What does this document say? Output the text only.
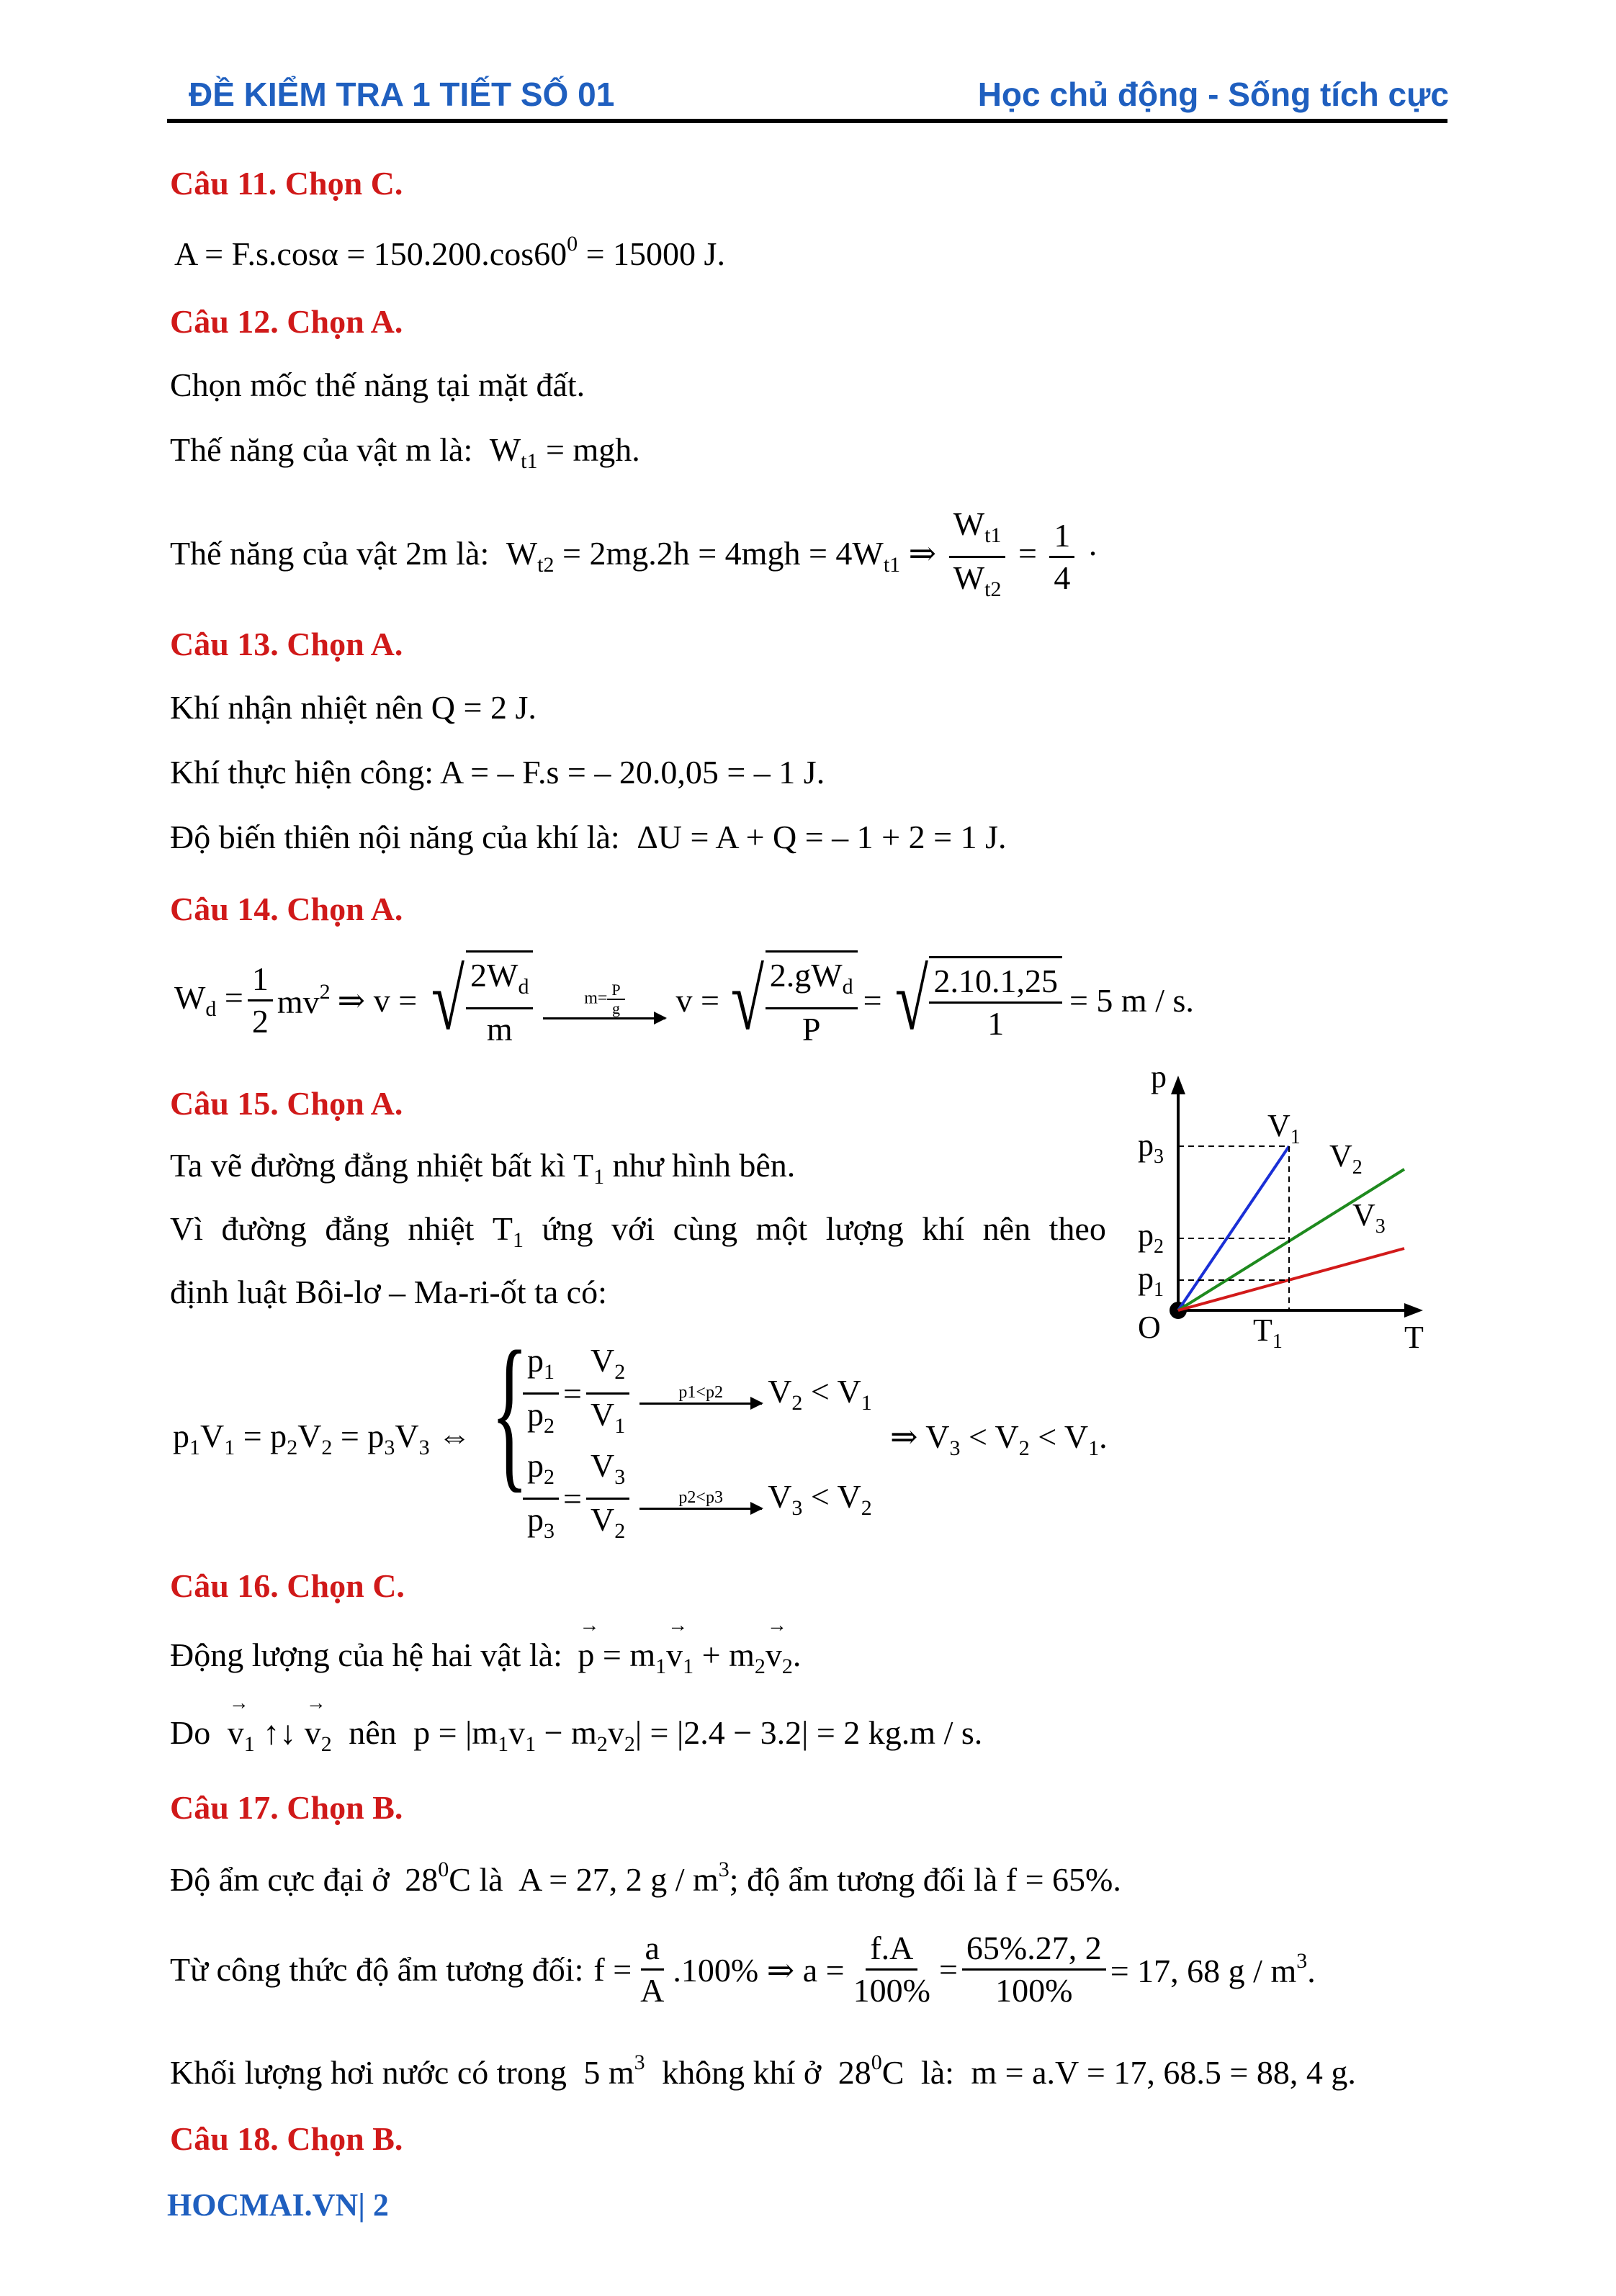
ĐỀ KIỂM TRA 1 TIẾT SỐ 01	Học chủ động - Sống tích cực
Câu 11. Chọn C.
$A = F.s.\cos\alpha = 150.200.\cos 60^0 = 15000$ J.
Câu 12. Chọn A.
Chọn mốc thế năng tại mặt đất.
Thế năng của vật m là: $W_{t1}$ = mgh.
Thế năng của vật 2m là: $W_{t2} = 2mg.2h = 4mgh = 4W_{t1}$ ⇒ $\frac{W_{t1}}{W_{t2}} = \frac{1}{4}$ ·
Câu 13. Chọn A.
Khí nhận nhiệt nên Q = 2 J.
Khí thực hiện công: A = – F.s = – 20.0,05 = – 1 J.
Độ biến thiên nội năng của khí là: ΔU = A + Q = – 1 + 2 = 1 J.
Câu 14. Chọn A.
$W_d = \frac{1}{2} mv^2$ ⇒ v = √ $\frac{2W_d}{m}$	$m= \frac{P}{g}$ v = √ $\frac{2.gW_d}{P}$ = √ $\frac{2.10.1,25}{1} = 5$ m / s.
Câu 15. Chọn A.
Ta vẽ đường đẳng nhiệt bất kì $T_1$ như hình bên.
Vì đường đẳng nhiệt $T_1$ ứng với cùng một lượng khí nên theo
định luật Bôi-lơ – Ma-ri-ốt ta có:
p
T
O	$T_1$
$p_3$
$p_2$
$p_1$
$V_1$
$V_2$
$V_3$
$p_1V_1 = p_2V_2 = p_3V_3$ ⇔ {
$\frac{p_1}{p_2} = \frac{V_2}{V_1}$	p1<p2 $V_2 < V_1$
$\frac{p_2}{p_3} = \frac{V_3}{V_2}$	p2<p3 $V_3 < V_2$
⇒ $V_3 < V_2 < V_1$.
Câu 16. Chọn C.
Động lượng của hệ hai vật là: → $p = m_1\to v_1 + m_2\to v_2$.
$Do \to v_1$ ↑↓ → $v_2$ nên $p = |m_1v_1 - m_2v_2| = |2.4 - 3.2| = 2$ kg.m / s.
Câu 17. Chọn B.
Độ ẩm cực đại ở $28^0C$ là A = 27, 2 g / $m^3$; độ ẩm tương đối là f = 65%.
Từ công thức độ ẩm tương đối: $f = \frac{a}{A} .100\%$ ⇒ $a = \frac{f.A}{100\%} = \frac{65\%.27, 2}{100\%} = 17$, 68 g / $m^3$.
Khối lượng hơi nước có trong 5 $m^3$ không khí ở $28^0C$ là: m = a.V = 17, 68.5 = 88, 4 g.
Câu 18. Chọn B.
HOCMAI.VN| 2
